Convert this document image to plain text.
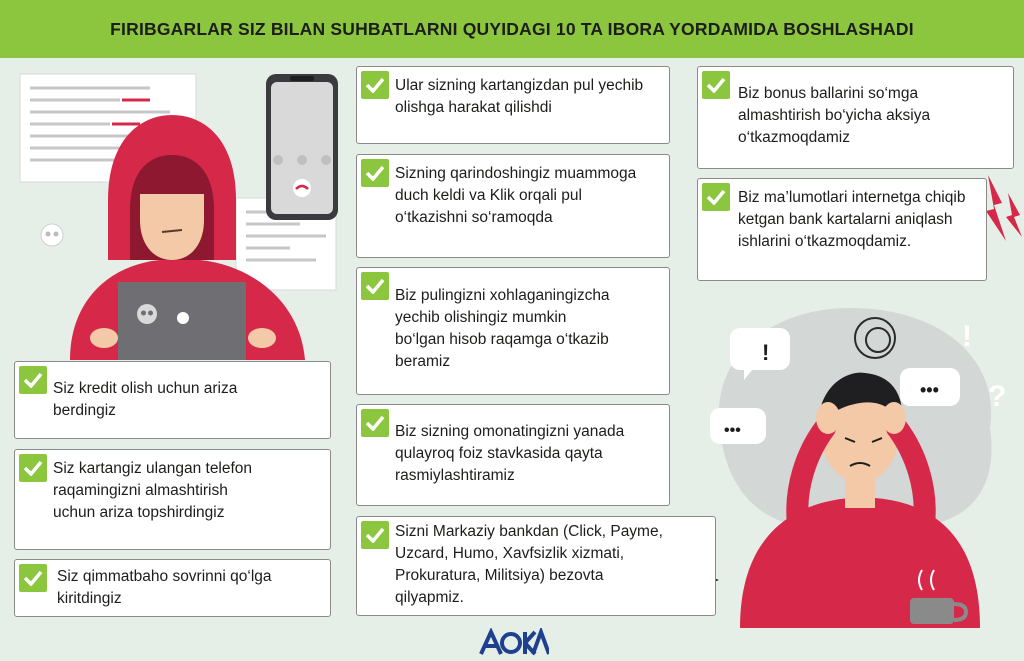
FIRIBGARLAR SIZ BILAN SUHBATLARNI QUYIDAGI 10 TA IBORA YORDAMIDA BOSHLASHADI
!
•••
•••
!
?
Siz kredit olish uchun ariza berdingiz
Siz kartangiz ulangan telefon raqamingizni almashtirish uchun ariza topshirdingiz
Siz qimmatbaho sovrinni qo‘lga kiritdingiz
Ular sizning kartangizdan pul yechib olishga harakat qilishdi
Sizning qarindoshingiz muammoga duch keldi va Klik orqali pul o‘tkazishni so‘ramoqda
Biz pulingizni xohlaganingizcha yechib olishingiz mumkin bo‘lgan hisob raqamga o‘tkazib beramiz
Biz sizning omonatingizni yanada qulayroq foiz stavkasida qayta rasmiylashtiramiz
Sizni Markaziy bankdan (Click, Payme, Uzcard, Humo, Xavfsizlik xizmati, Prokuratura, Militsiya) bezovta qilyapmiz.
Biz bonus ballarini so‘mga almashtirish bo‘yicha aksiya o‘tkazmoqdamiz
Biz ma’lumotlari internetga chiqib ketgan bank kartalarni aniqlash ishlarini o‘tkazmoqdamiz.
